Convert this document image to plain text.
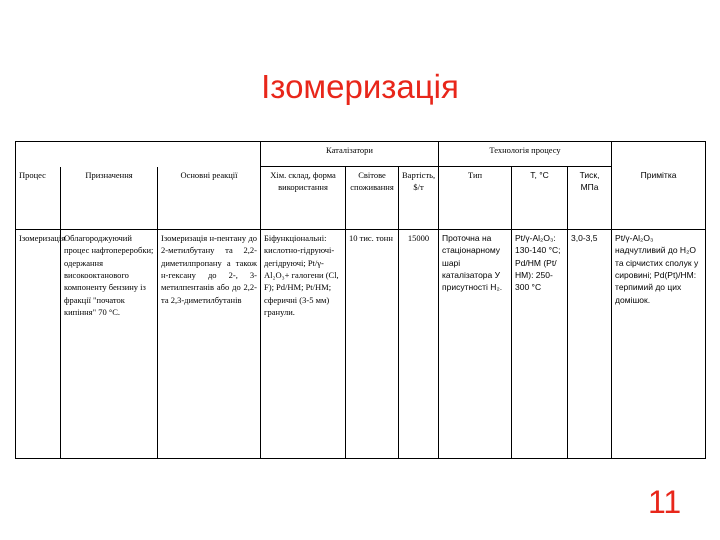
Ізомеризація
			Каталізатори			Технологія процесу			
Процес	Призначення	Основні реакції	Хім. склад, форма використання	Світове споживання	Вартість, $/т	Тип	Т, °С	Тиск, МПа	Примітка
Ізомеризація	Облагороджуючий процес нафтопереробки; одержання високооктанового компоненту бензину із фракції "початок кипіння" 70 °С.	Ізомеризація н-пентану до 2-метилбутану та 2,2-диметилпропану а також н-гексану до 2-, 3-метилпентанів або до 2,2- та 2,3-диметилбутанів	Біфункціональні: кислотно-гідруючі-дегідруючі; Pt/γ-Al₂O₃+ галогени (Cl, F); Pd/НМ; Pt/НМ; сферичні (3-5 мм) гранули.	10 тис. тонн	15000	Проточна на стаціонарному шарі каталізатора У присутності Н₂.	Pt/γ-Al₂O₃: 130-140 °С; Pd/НМ (Pt/НМ): 250-300 °С	3,0-3,5	Pt/γ-Al₂O₃ надчутливий до Н₂О та сірчистих сполук у сировині; Pd(Pt)/НМ: терпимий до цих домішок.
11
